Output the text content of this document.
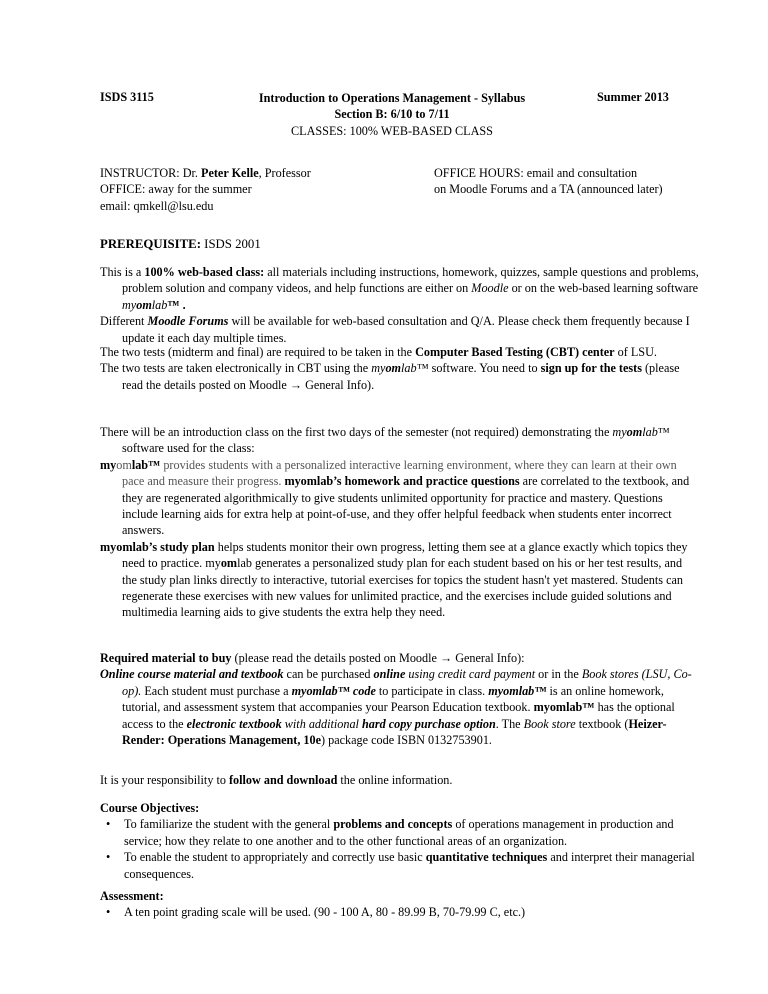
ISDS 3115	Introduction to Operations Management - Syllabus
Section B: 6/10 to 7/11
CLASSES: 100% WEB-BASED CLASS
Summer 2013
INSTRUCTOR: Dr. Peter Kelle, Professor
OFFICE: away for the summer
email: qmkell@lsu.edu
OFFICE HOURS: email and consultation
on Moodle Forums and a TA (announced later)
PREREQUISITE: ISDS 2001

This is a 100% web-based class: all materials including instructions, homework, quizzes, sample questions and problems, problem solution and company videos, and help functions are either on Moodle or on the web-based learning software myomlab™ .

Different Moodle Forums will be available for web-based consultation and Q/A. Please check them frequently because I update it each day multiple times.

The two tests (midterm and final) are required to be taken in the Computer Based Testing (CBT) center of LSU.

The two tests are taken electronically in CBT using the myomlab™ software. You need to sign up for the tests (please read the details posted on Moodle → General Info).

There will be an introduction class on the first two days of the semester (not required) demonstrating the myomlab™ software used for the class:

myomlab™ provides students with a personalized interactive learning environment, where they can learn at their own pace and measure their progress. myomlab’s homework and practice questions are correlated to the textbook, and they are regenerated algorithmically to give students unlimited opportunity for practice and mastery. Questions include learning aids for extra help at point-of-use, and they offer helpful feedback when students enter incorrect answers.

myomlab’s study plan helps students monitor their own progress, letting them see at a glance exactly which topics they need to practice. myomlab generates a personalized study plan for each student based on his or her test results, and the study plan links directly to interactive, tutorial exercises for topics the student hasn't yet mastered. Students can regenerate these exercises with new values for unlimited practice, and the exercises include guided solutions and multimedia learning aids to give students the extra help they need.

Required material to buy (please read the details posted on Moodle → General Info):

Online course material and textbook can be purchased online using credit card payment or in the Book stores (LSU, Co-op). Each student must purchase a myomlab™ code to participate in class. myomlab™ is an online homework, tutorial, and assessment system that accompanies your Pearson Education textbook. myomlab™ has the optional access to the electronic textbook with additional hard copy purchase option. The Book store textbook (Heizer-Render: Operations Management, 10e) package code ISBN 0132753901.

It is your responsibility to follow and download the online information.
Course Objectives:
• To familiarize the student with the general problems and concepts of operations management in production and service; how they relate to one another and to the other functional areas of an organization.
• To enable the student to appropriately and correctly use basic quantitative techniques and interpret their managerial consequences.
Assessment:
• A ten point grading scale will be used. (90 - 100 A, 80 - 89.99 B, 70-79.99 C, etc.)
